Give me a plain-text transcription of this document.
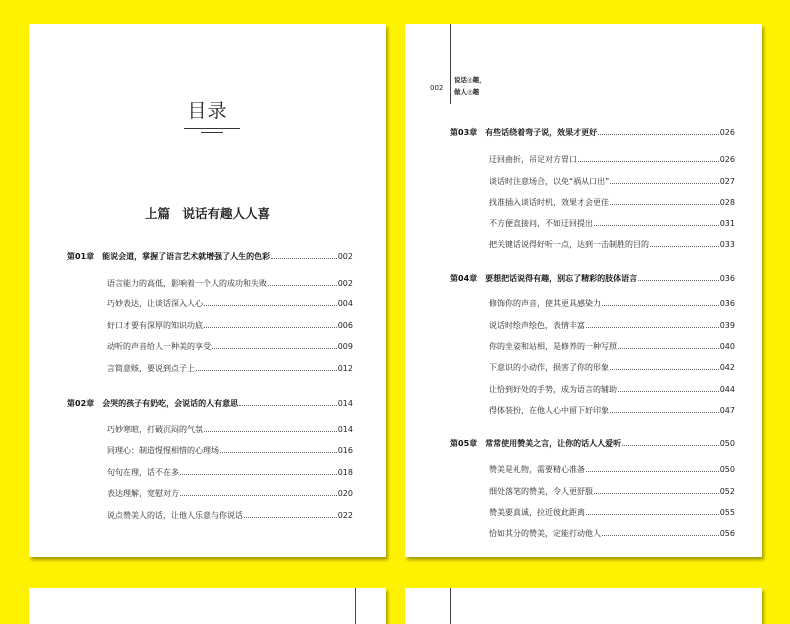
目录
上篇　说话有趣人人喜
第01章 能说会道，掌握了语言艺术就增强了人生的色彩	002
语言能力的高低，影响着一个人的成功和失败	002
巧妙表达，让谈话深入人心	004
好口才要有深厚的知识功底	006
动听的声音给人一种美的享受	009
言简意赅，要说到点子上	012
第02章 会哭的孩子有奶吃，会说话的人有意思	014
巧妙寒暄，打破沉闷的气氛	014
同理心：制造惺惺相惜的心理场	016
句句在理，话不在多	018
表达理解，宽慰对方	020
说点赞美人的话，让他人乐意与你说话	022
002
说话◎趣，
做人◎趣
第03章 有些话绕着弯子说，效果才更好	026
迂回曲折，吊足对方胃口	026
谈话时注意场合，以免“祸从口出”	027
找准插入谈话时机，效果才会更佳	028
不方便直接问，不如迂回提出	031
把关键话说得好听一点，达到一击制胜的目的	033
第04章 要想把话说得有趣，别忘了精彩的肢体语言	036
修饰你的声音，使其更具感染力	036
说话时绘声绘色，表情丰富	039
你的坐姿和站相，是修养的一种写照	040
下意识的小动作，损害了你的形象	042
让恰到好处的手势，成为语言的辅助	044
得体装扮，在他人心中留下好印象	047
第05章 常常使用赞美之言，让你的话人人爱听	050
赞美是礼物，需要精心准备	050
细处落笔的赞美，令人更舒服	052
赞美要真诚，拉近彼此距离	055
恰如其分的赞美，定能打动他人	056
